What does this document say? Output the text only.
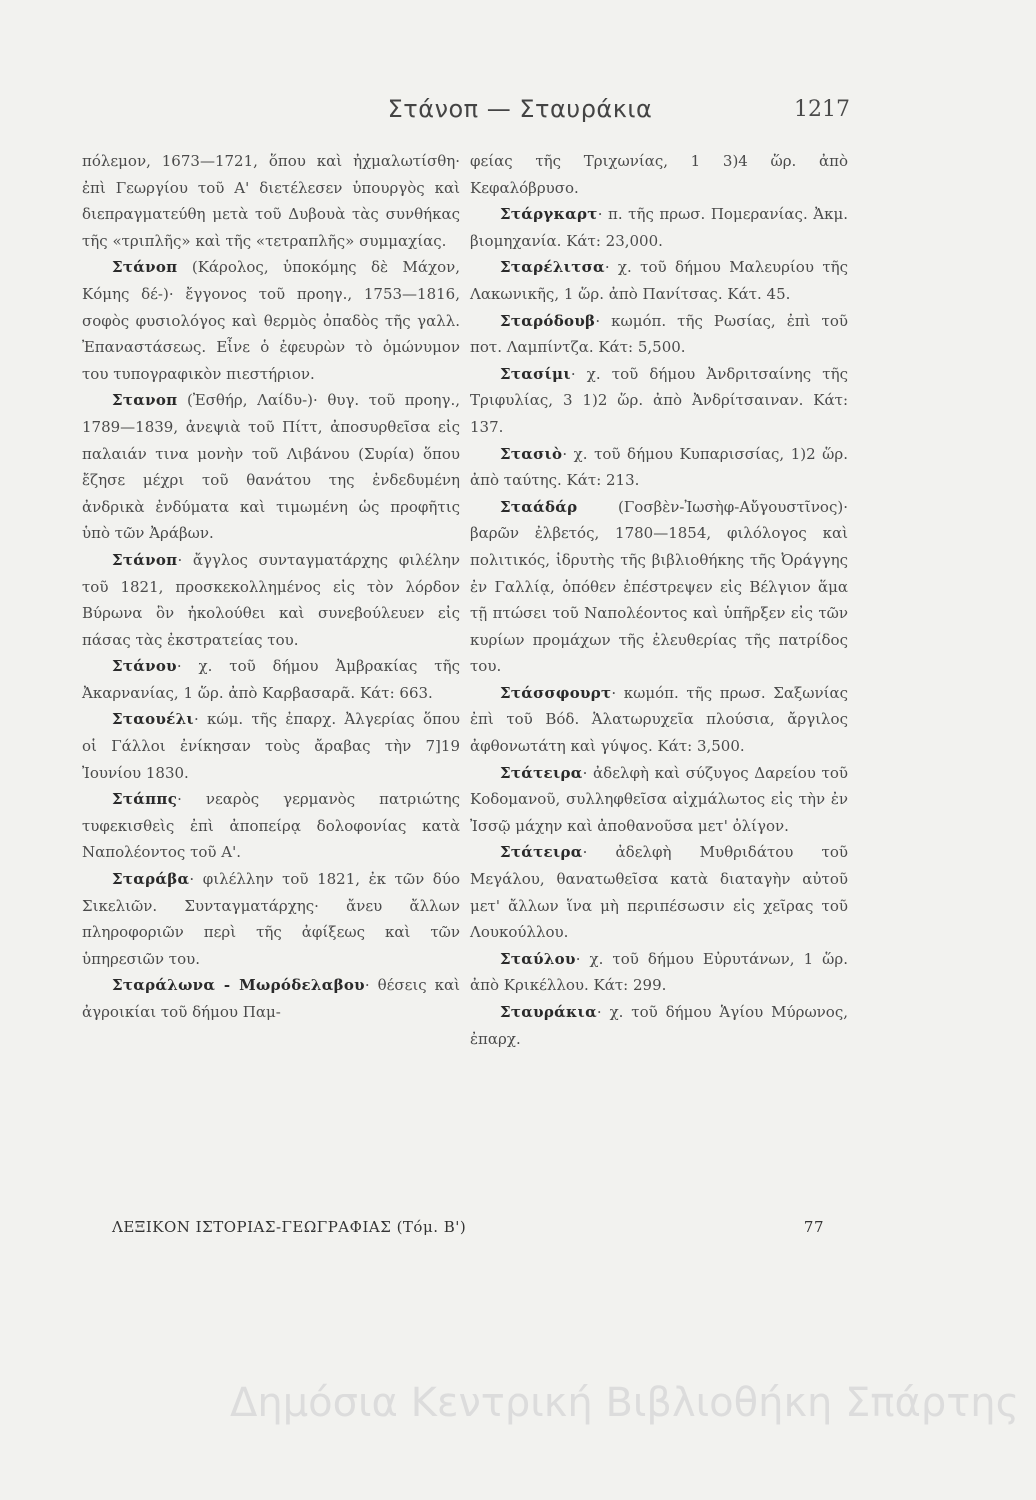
Στάνοπ — Σταυράκια	1217

πόλεμον, 1673—1721, ὅπου καὶ ἠχμαλωτίσθη· ἐπὶ Γεωργίου τοῦ Α' διετέλεσεν ὑπουργὸς καὶ διεπραγματεύθη μετὰ τοῦ Δυβουὰ τὰς συνθήκας τῆς «τριπλῆς» καὶ τῆς «τετραπλῆς» συμμαχίας.

Στάνοπ (Κάρολος, ὑποκόμης δὲ Μάχον, Κόμης δέ-)· ἔγγονος τοῦ προηγ., 1753—1816, σοφὸς φυσιολόγος καὶ θερμὸς ὀπαδὸς τῆς γαλλ. Ἐπαναστάσεως. Εἶνε ὁ ἐφευρὼν τὸ ὁμώνυμον του τυπογραφικὸν πιεστήριον.

Στανοπ (Ἐσθήρ, Λαίδυ-)· θυγ. τοῦ προηγ., 1789—1839, ἀνεψιὰ τοῦ Πίττ, ἀποσυρθεῖσα εἰς παλαιάν τινα μονὴν τοῦ Λιβάνου (Συρία) ὅπου ἔζησε μέχρι τοῦ θανάτου της ἐνδεδυμένη ἀνδρικὰ ἐνδύματα καὶ τιμωμένη ὡς προφῆτις ὑπὸ τῶν Ἀράβων.

Στάνοπ· ἄγγλος συνταγματάρχης φιλέλην τοῦ 1821, προσκεκολλημένος εἰς τὸν λόρδον Βύρωνα ὃν ἠκολούθει καὶ συνεβούλευεν εἰς πάσας τὰς ἐκστρατείας του.

Στάνου· χ. τοῦ δήμου Ἀμβρακίας τῆς Ἀκαρνανίας, 1 ὥρ. ἀπὸ Καρβασαρᾶ. Κάτ: 663.

Σταουέλι· κώμ. τῆς ἐπαρχ. Ἀλγερίας ὅπου οἱ Γάλλοι ἐνίκησαν τοὺς ἄραβας τὴν 7]19 Ἰουνίου 1830.

Στάππς· νεαρὸς γερμανὸς πατριώτης τυφεκισθεὶς ἐπὶ ἀποπείρᾳ δολοφονίας κατὰ Ναπολέοντος τοῦ Α'.

Σταράβα· φιλέλλην τοῦ 1821, ἐκ τῶν δύο Σικελιῶν. Συνταγματάρχης· ἄνευ ἄλλων πληροφοριῶν περὶ τῆς ἀφίξεως καὶ τῶν ὑπηρεσιῶν του.

Σταράλωνα - Μωρόδελαβου· θέσεις καὶ ἀγροικίαι τοῦ δήμου Παμ-

φείας τῆς Τριχωνίας, 1 3)4 ὥρ. ἀπὸ Κεφαλόβρυσο.

Στάργκαρτ· π. τῆς πρωσ. Πομερανίας. Ἀκμ. βιομηχανία. Κάτ: 23,000.

Σταρέλιτσα· χ. τοῦ δήμου Μαλευρίου τῆς Λακωνικῆς, 1 ὥρ. ἀπὸ Πανίτσας. Κάτ. 45.

Σταρόδουβ· κωμόπ. τῆς Ρωσίας, ἐπὶ τοῦ ποτ. Λαμπίντζα. Κάτ: 5,500.

Στασίμι· χ. τοῦ δήμου Ἀνδριτσαίνης τῆς Τριφυλίας, 3 1)2 ὥρ. ἀπὸ Ἀνδρίτσαιναν. Κάτ: 137.

Στασιὸ· χ. τοῦ δήμου Κυπαρισσίας, 1)2 ὥρ. ἀπὸ ταύτης. Κάτ: 213.

Σταάδάρ (Γοσβὲν-Ἰωσὴφ-Αὔγουστῖνος)· βαρῶν ἐλβετός, 1780—1854, φιλόλογος καὶ πολιτικός, ἱδρυτὴς τῆς βιβλιοθήκης τῆς Ὀράγγης ἐν Γαλλίᾳ, ὁπόθεν ἐπέστρεψεν εἰς Βέλγιον ἅμα τῇ πτώσει τοῦ Ναπολέοντος καὶ ὑπῆρξεν εἰς τῶν κυρίων προμάχων τῆς ἐλευθερίας τῆς πατρίδος του.

Στάσσφουρτ· κωμόπ. τῆς πρωσ. Σαξωνίας ἐπὶ τοῦ Βόδ. Ἁλατωρυχεῖα πλούσια, ἄργιλος ἀφθονωτάτη καὶ γύψος. Κάτ: 3,500.

Στάτειρα· ἀδελφὴ καὶ σύζυγος Δαρείου τοῦ Κοδομανοῦ, συλληφθεῖσα αἰχμάλωτος εἰς τὴν ἐν Ἰσσῷ μάχην καὶ ἀποθανοῦσα μετ' ὀλίγον.

Στάτειρα· ἀδελφὴ Μυθριδάτου τοῦ Μεγάλου, θανατωθεῖσα κατὰ διαταγὴν αὐτοῦ μετ' ἄλλων ἵνα μὴ περιπέσωσιν εἰς χεῖρας τοῦ Λουκούλλου.

Σταύλου· χ. τοῦ δήμου Εὐρυτάνων, 1 ὥρ. ἀπὸ Κρικέλλου. Κάτ: 299.

Σταυράκια· χ. τοῦ δήμου Ἁγίου Μύρωνος, ἐπαρχ.

ΛΕΞΙΚΟΝ ΙΣΤΟΡΙΑΣ-ΓΕΩΓΡΑΦΙΑΣ (Τόμ. Β')	77
Δημόσια Κεντρική Βιβλιοθήκη Σπάρτης
